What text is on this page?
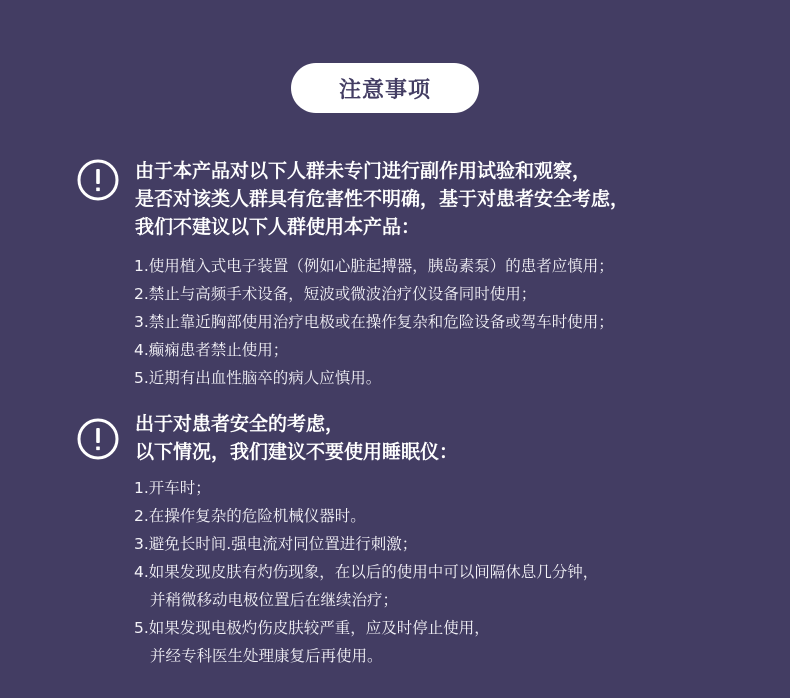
注意事项
由于本产品对以下人群未专门进行副作用试验和观察，
是否对该类人群具有危害性不明确，基于对患者安全考虑，
我们不建议以下人群使用本产品：
1.使用植入式电子装置（例如心脏起搏器，胰岛素泵）的患者应慎用；
2.禁止与高频手术设备，短波或微波治疗仪设备同时使用；
3.禁止靠近胸部使用治疗电极或在操作复杂和危险设备或驾车时使用；
4.癫痫患者禁止使用；
5.近期有出血性脑卒的病人应慎用。
出于对患者安全的考虑，
以下情况，我们建议不要使用睡眠仪：
1.开车时；
2.在操作复杂的危险机械仪器时。
3.避免长时间.强电流对同位置进行刺激；
4.如果发现皮肤有灼伤现象，在以后的使用中可以间隔休息几分钟，
并稍微移动电极位置后在继续治疗；
5.如果发现电极灼伤皮肤较严重，应及时停止使用，
并经专科医生处理康复后再使用。
